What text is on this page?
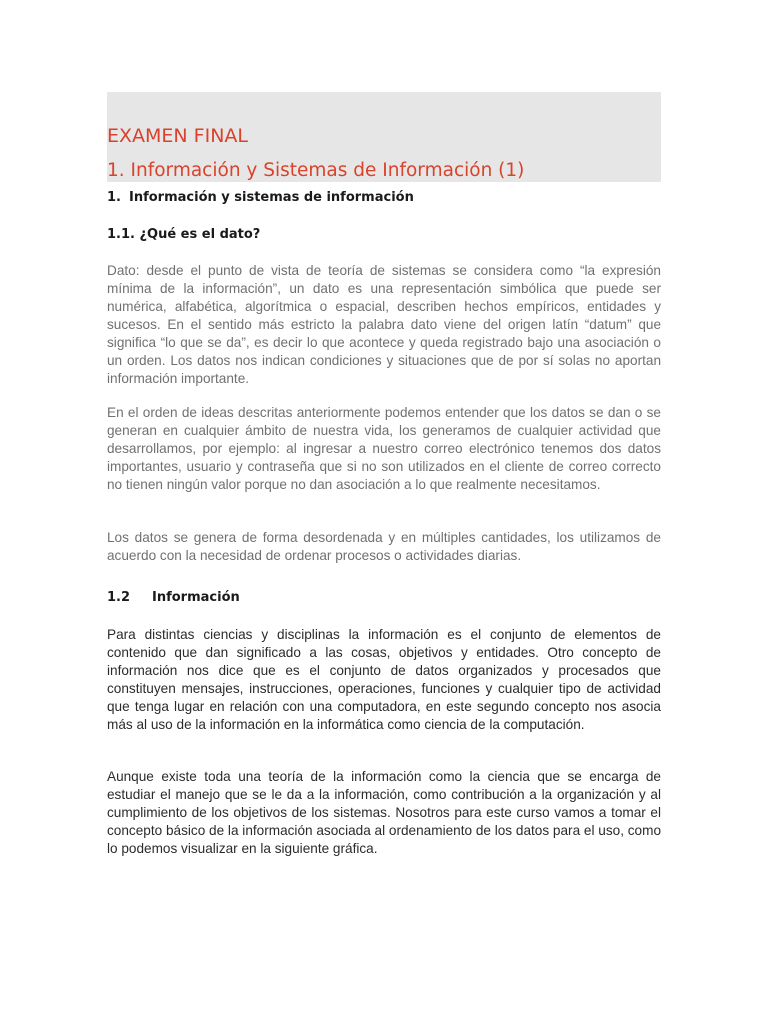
EXAMEN FINAL
1. Información y Sistemas de Información (1)

1. Información y sistemas de información

1.1. ¿Qué es el dato?

Dato: desde el punto de vista de teoría de sistemas se considera como “la expresión mínima de la información”, un dato es una representación simbólica que puede ser numérica, alfabética, algorítmica o espacial, describen hechos empíricos, entidades y sucesos. En el sentido más estricto la palabra dato viene del origen latín “datum” que significa “lo que se da”, es decir lo que acontece y queda registrado bajo una asociación o un orden. Los datos nos indican condiciones y situaciones que de por sí solas no aportan información importante.

En el orden de ideas descritas anteriormente podemos entender que los datos se dan o se generan en cualquier ámbito de nuestra vida, los generamos de cualquier actividad que desarrollamos, por ejemplo: al ingresar a nuestro correo electrónico tenemos dos datos importantes, usuario y contraseña que si no son utilizados en el cliente de correo correcto no tienen ningún valor porque no dan asociación a lo que realmente necesitamos.

Los datos se genera de forma desordenada y en múltiples cantidades, los utilizamos de acuerdo con la necesidad de ordenar procesos o actividades diarias.

1.2 Información

Para distintas ciencias y disciplinas la información es el conjunto de elementos de contenido que dan significado a las cosas, objetivos y entidades. Otro concepto de información nos dice que es el conjunto de datos organizados y procesados que constituyen mensajes, instrucciones, operaciones, funciones y cualquier tipo de actividad que tenga lugar en relación con una computadora, en este segundo concepto nos asocia más al uso de la información en la informática como ciencia de la computación.

Aunque existe toda una teoría de la información como la ciencia que se encarga de estudiar el manejo que se le da a la información, como contribución a la organización y al cumplimiento de los objetivos de los sistemas. Nosotros para este curso vamos a tomar el concepto básico de la información asociada al ordenamiento de los datos para el uso, como lo podemos visualizar en la siguiente gráfica.
